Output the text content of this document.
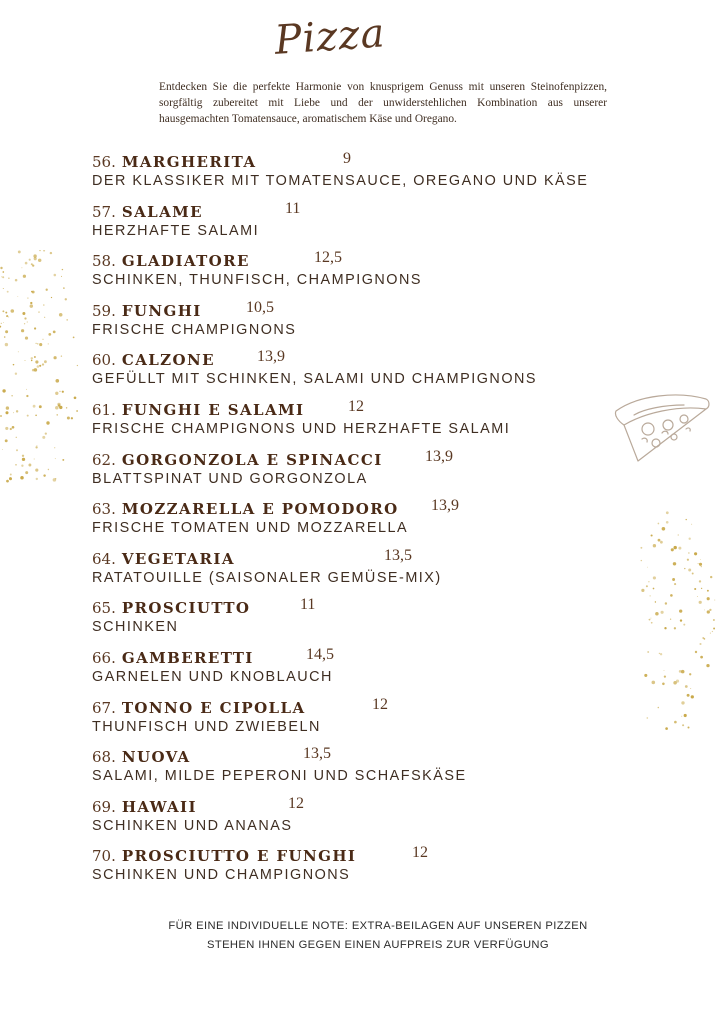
Pizza
Entdecken Sie die perfekte Harmonie von knusprigem Genuss mit unseren Steinofenpizzen, sorgfältig zubereitet mit Liebe und der unwiderstehlichen Kombination aus unserer hausgemachten Tomatensauce, aromatischem Käse und Oregano.
56. MARGHERITA	9
DER KLASSIKER MIT TOMATENSAUCE, OREGANO UND KÄSE
57. SALAME	11
HERZHAFTE SALAMI
58. GLADIATORE	12,5
SCHINKEN, THUNFISCH, CHAMPIGNONS
59. FUNGHI	10,5
FRISCHE CHAMPIGNONS
60. CALZONE	13,9
GEFÜLLT MIT SCHINKEN, SALAMI UND CHAMPIGNONS
61. FUNGHI E SALAMI	12
FRISCHE CHAMPIGNONS UND HERZHAFTE SALAMI
62. GORGONZOLA E SPINACCI	13,9
BLATTSPINAT UND GORGONZOLA
63. MOZZARELLA E POMODORO 13,9
FRISCHE TOMATEN UND MOZZARELLA
64. VEGETARIA	13,5
RATATOUILLE (SAISONALER GEMÜSE-MIX)
65. PROSCIUTTO	11
SCHINKEN
66. GAMBERETTI	14,5
GARNELEN UND KNOBLAUCH
67. TONNO E CIPOLLA	12
THUNFISCH UND ZWIEBELN
68. NUOVA	13,5
SALAMI, MILDE PEPERONI UND SCHAFSKÄSE
69. HAWAII	12
SCHINKEN UND ANANAS
70. PROSCIUTTO E FUNGHI	12
SCHINKEN UND CHAMPIGNONS
FÜR EINE INDIVIDUELLE NOTE: EXTRA-BEILAGEN AUF UNSEREN PIZZEN
STEHEN IHNEN GEGEN EINEN AUFPREIS ZUR VERFÜGUNG
